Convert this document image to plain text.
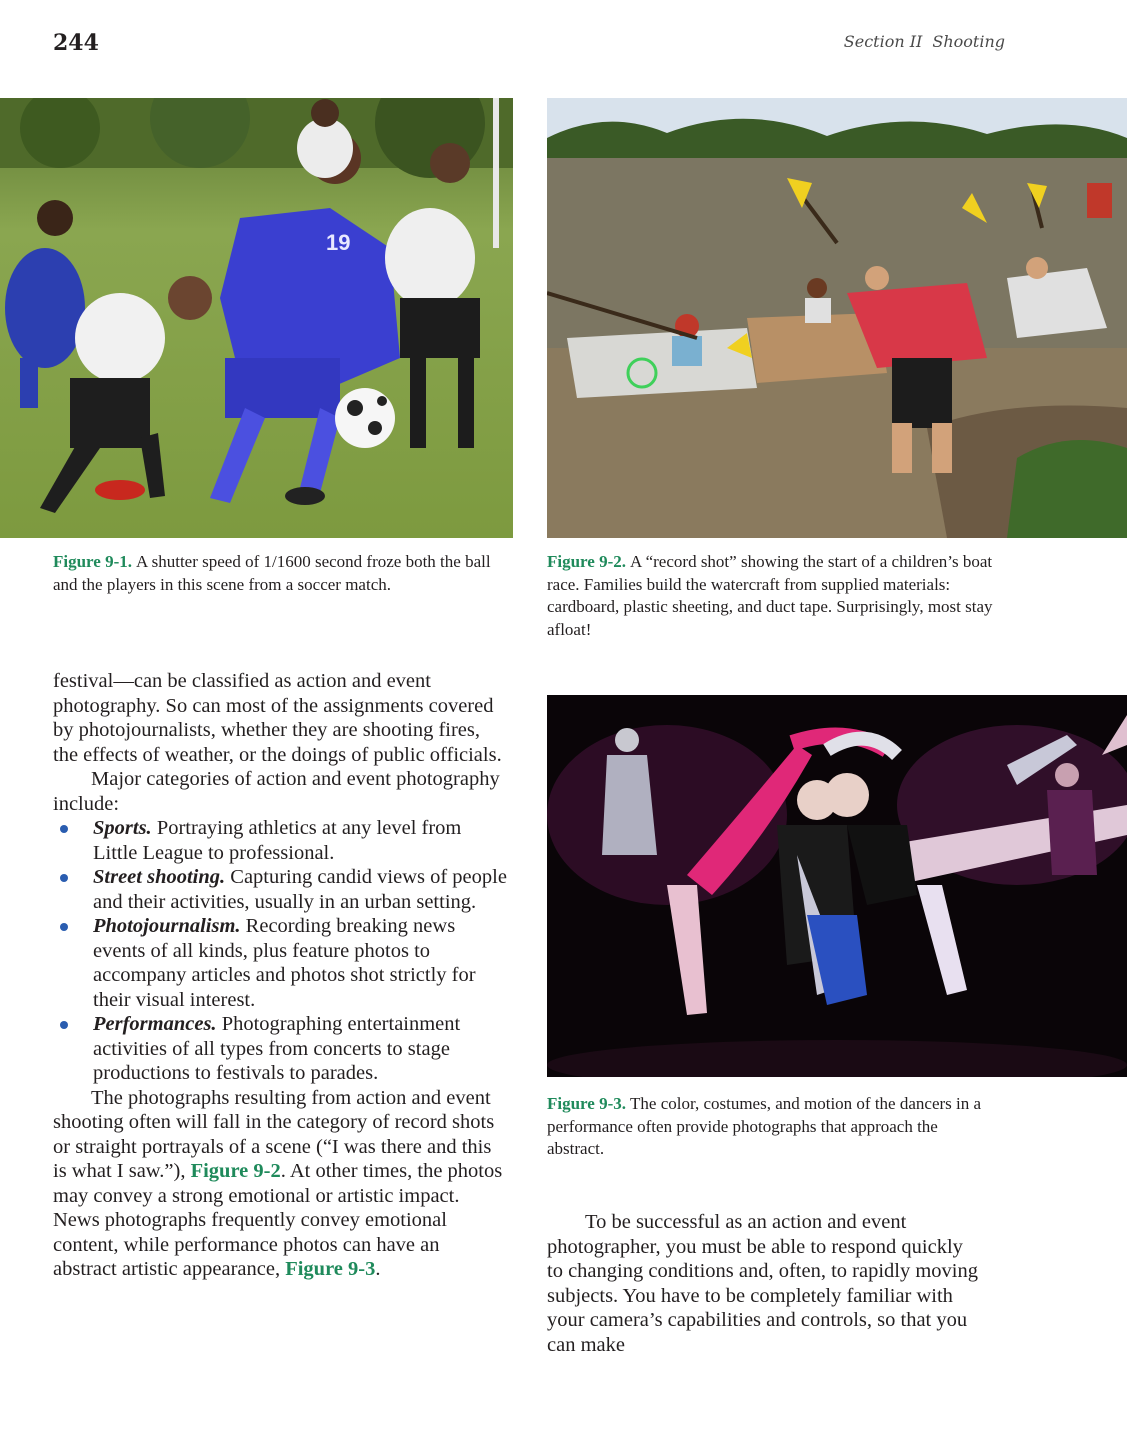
244	Section II Shooting
19
Figure 9-1. A shutter speed of 1/1600 second froze both the ball and the players in this scene from a soccer match.
Figure 9-2. A “record shot” showing the start of a children’s boat race. Families build the watercraft from supplied materials: cardboard, plastic sheeting, and duct tape. Surprisingly, most stay afloat!

festival—can be classified as action and event photography. So can most of the assignments covered by photojournalists, whether they are shooting fires, the effects of weather, or the doings of public officials.

Major categories of action and event photography include:

Sports. Portraying athletics at any level from Little League to professional.
Street shooting. Capturing candid views of people and their activities, usually in an urban setting.
Photojournalism. Recording breaking news events of all kinds, plus feature photos to accompany articles and photos shot strictly for their visual interest.
Performances. Photographing entertainment activities of all types from concerts to stage productions to festivals to parades.

The photographs resulting from action and event shooting often will fall in the category of record shots or straight portrayals of a scene (“I was there and this is what I saw.”), Figure 9-2. At other times, the photos may convey a strong emotional or artistic impact. News photographs frequently convey emotional content, while performance photos can have an abstract artistic appearance, Figure 9-3.

Figure 9-3. The color, costumes, and motion of the dancers in a performance often provide photographs that approach the abstract.

To be successful as an action and event photographer, you must be able to respond quickly to changing conditions and, often, to rapidly moving subjects. You have to be completely familiar with your camera’s capabilities and controls, so that you can make
